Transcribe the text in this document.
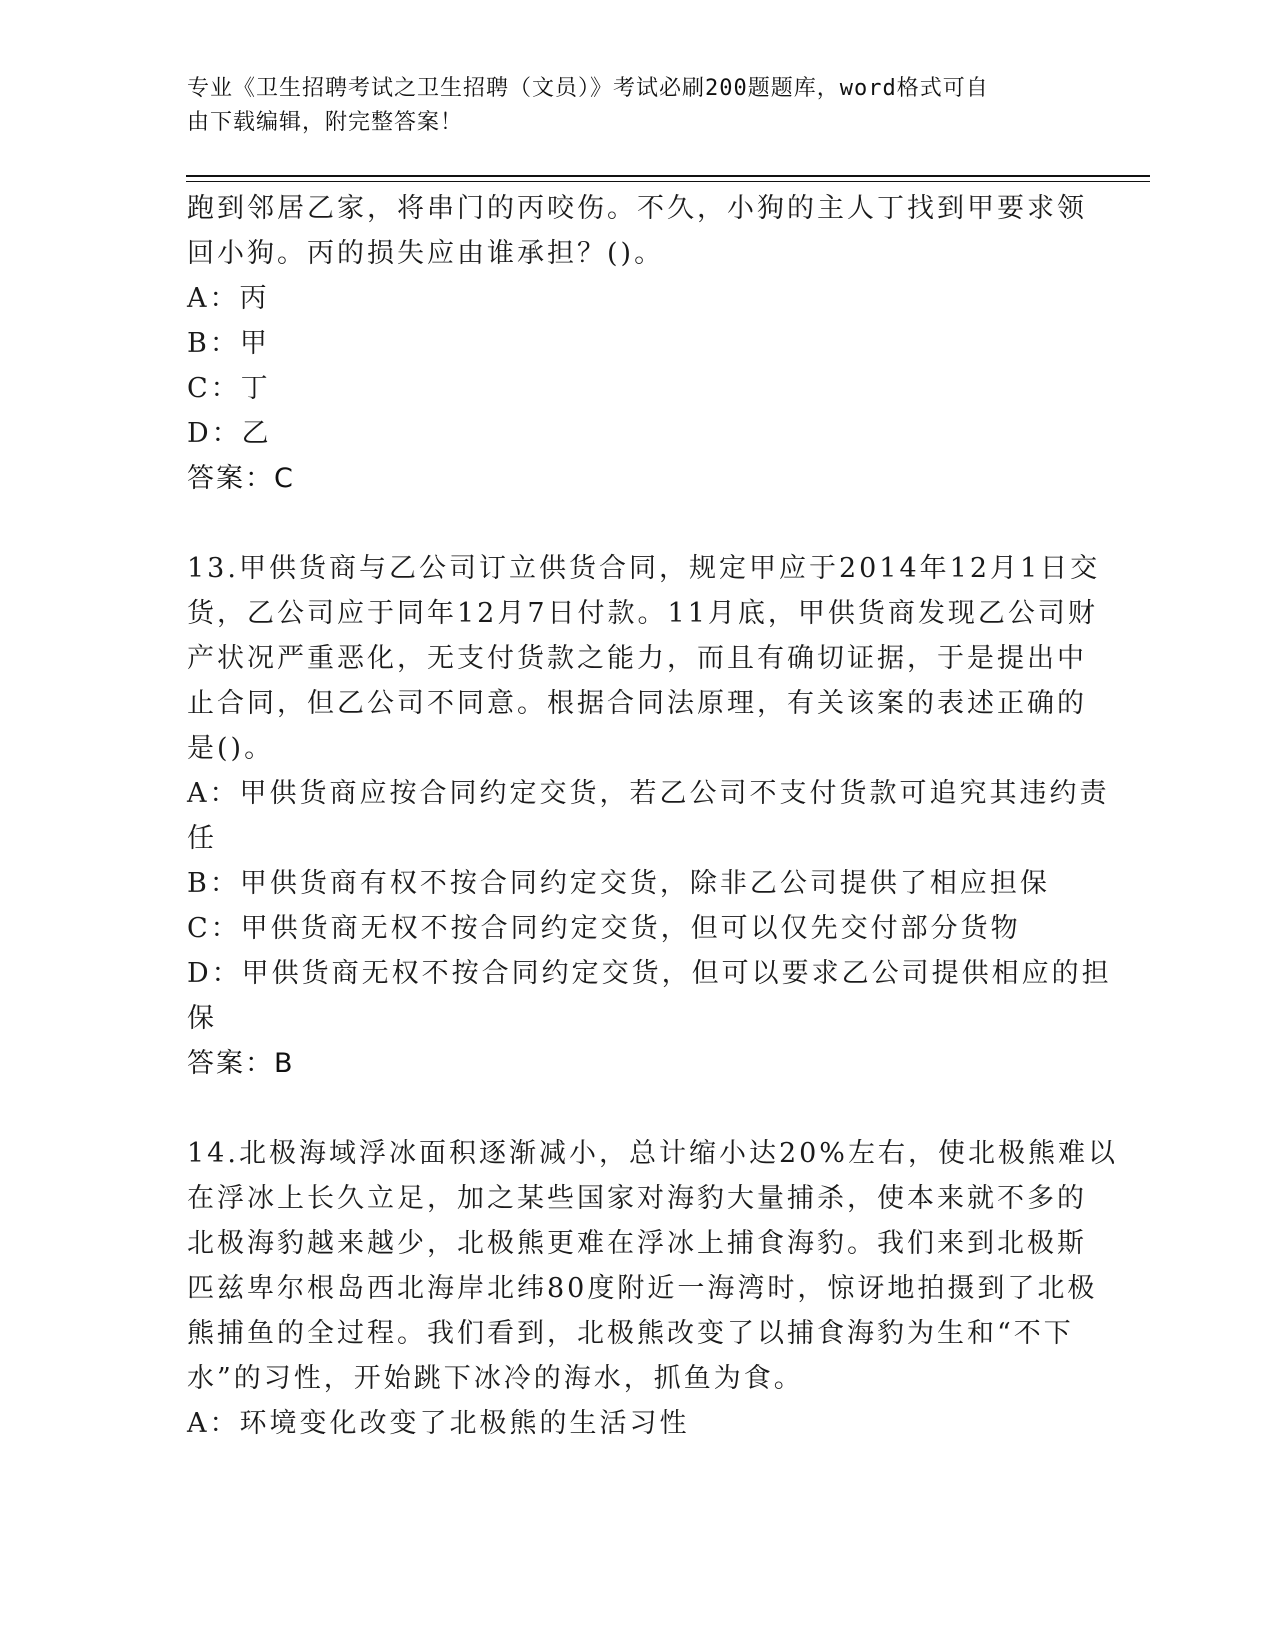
专业《卫生招聘考试之卫生招聘（文员）》考试必刷200题题库，word格式可自
由下载编辑，附完整答案！
跑到邻居乙家，将串门的丙咬伤。不久，小狗的主人丁找到甲要求领
回小狗。丙的损失应由谁承担？()。
A：丙
B：甲
C：丁
D：乙
答案：C
13.甲供货商与乙公司订立供货合同，规定甲应于2014年12月1日交
货，乙公司应于同年12月7日付款。11月底，甲供货商发现乙公司财
产状况严重恶化，无支付货款之能力，而且有确切证据，于是提出中
止合同，但乙公司不同意。根据合同法原理，有关该案的表述正确的
是()。
A：甲供货商应按合同约定交货，若乙公司不支付货款可追究其违约责
任
B：甲供货商有权不按合同约定交货，除非乙公司提供了相应担保
C：甲供货商无权不按合同约定交货，但可以仅先交付部分货物
D：甲供货商无权不按合同约定交货，但可以要求乙公司提供相应的担
保
答案：B
14.北极海域浮冰面积逐渐减小，总计缩小达20%左右，使北极熊难以
在浮冰上长久立足，加之某些国家对海豹大量捕杀，使本来就不多的
北极海豹越来越少，北极熊更难在浮冰上捕食海豹。我们来到北极斯
匹兹卑尔根岛西北海岸北纬80度附近一海湾时，惊讶地拍摄到了北极
熊捕鱼的全过程。我们看到，北极熊改变了以捕食海豹为生和“不下
水”的习性，开始跳下冰冷的海水，抓鱼为食。
A：环境变化改变了北极熊的生活习性
